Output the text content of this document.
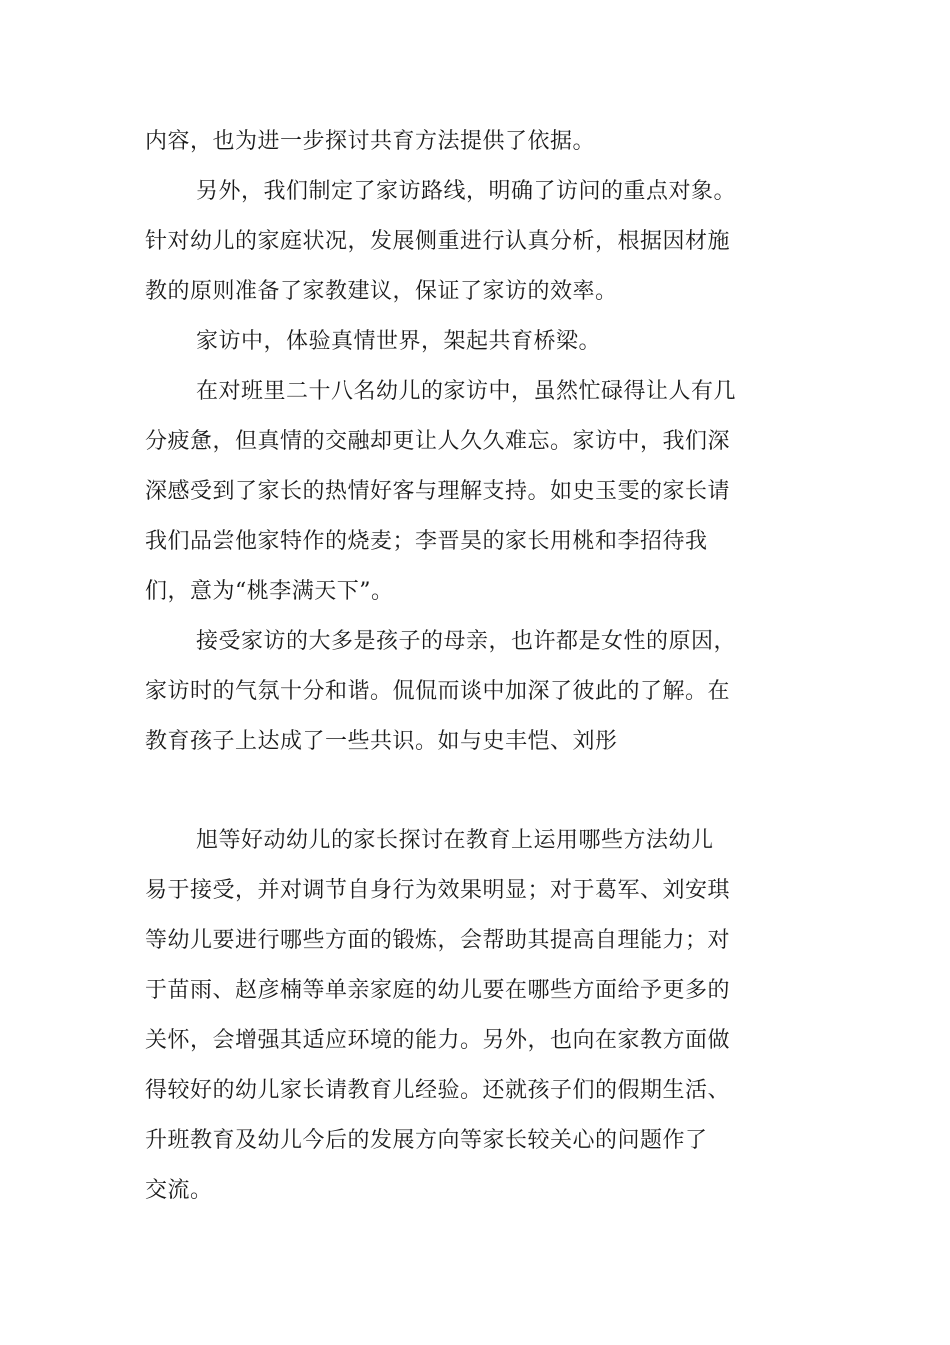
内容，也为进一步探讨共育方法提供了依据。

另外，我们制定了家访路线，明确了访问的重点对象。

针对幼儿的家庭状况，发展侧重进行认真分析，根据因材施

教的原则准备了家教建议，保证了家访的效率。

家访中，体验真情世界，架起共育桥梁。

在对班里二十八名幼儿的家访中，虽然忙碌得让人有几

分疲惫，但真情的交融却更让人久久难忘。家访中，我们深

深感受到了家长的热情好客与理解支持。如史玉雯的家长请

我们品尝他家特作的烧麦；李晋昊的家长用桃和李招待我

们，意为“桃李满天下”。

接受家访的大多是孩子的母亲，也许都是女性的原因，

家访时的气氛十分和谐。侃侃而谈中加深了彼此的了解。在

教育孩子上达成了一些共识。如与史丰恺、刘彤

旭等好动幼儿的家长探讨在教育上运用哪些方法幼儿

易于接受，并对调节自身行为效果明显；对于葛军、刘安琪

等幼儿要进行哪些方面的锻炼，会帮助其提高自理能力；对

于苗雨、赵彦楠等单亲家庭的幼儿要在哪些方面给予更多的

关怀，会增强其适应环境的能力。另外，也向在家教方面做

得较好的幼儿家长请教育儿经验。还就孩子们的假期生活、

升班教育及幼儿今后的发展方向等家长较关心的问题作了

交流。
